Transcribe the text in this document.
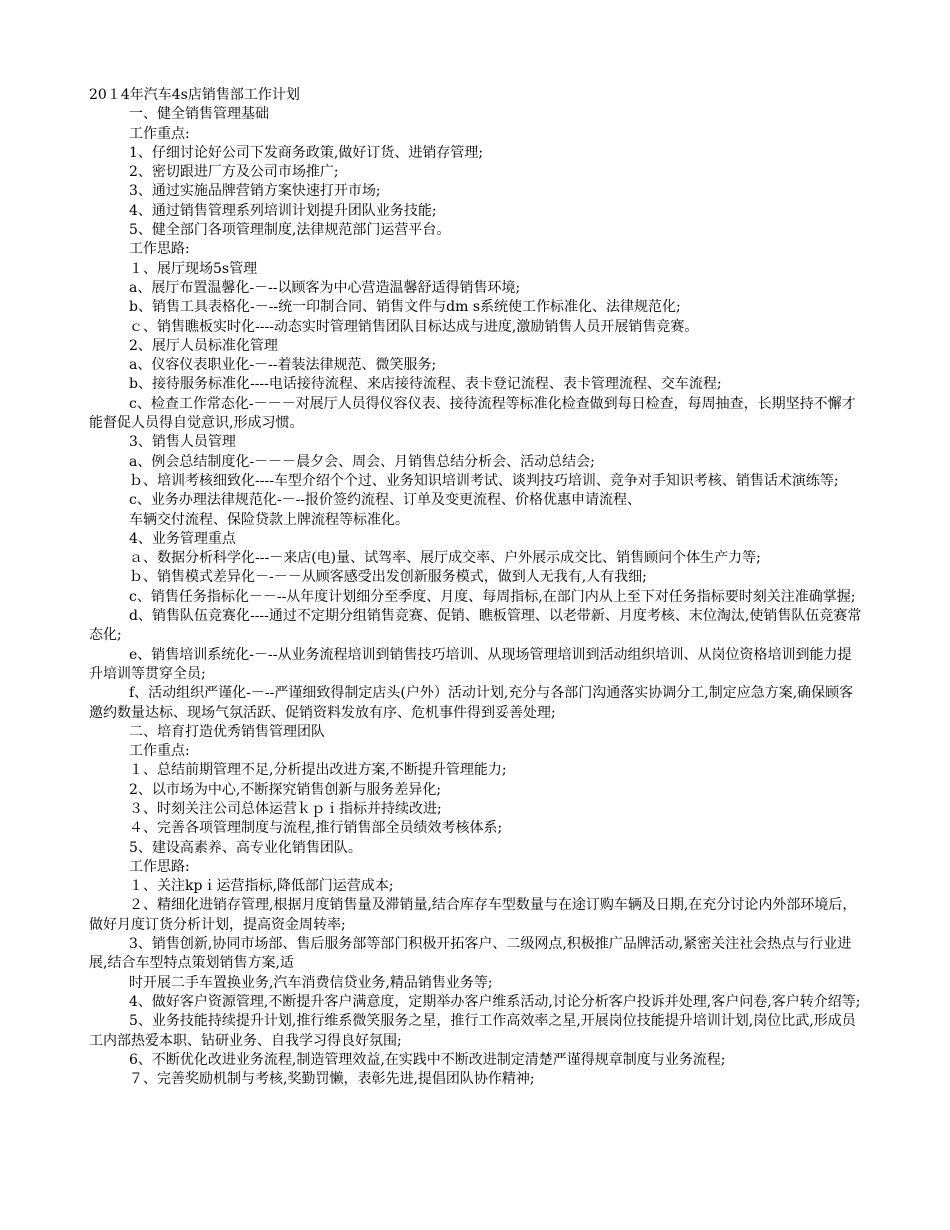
20１4年汽车4s店销售部工作计划
一、健全销售管理基础
工作重点:
1、仔细讨论好公司下发商务政策,做好订货、进销存管理;
2、密切跟进厂方及公司市场推广;
3、通过实施品牌营销方案快速打开市场;
4、通过销售管理系列培训计划提升团队业务技能;
5、健全部门各项管理制度,法律规范部门运营平台。
工作思路:
１、展厅现场5s管理
a、展厅布置温馨化-－--以顾客为中心营造温馨舒适得销售环境;
b、销售工具表格化-－--统一印制合同、销售文件与dm s系统使工作标准化、法律规范化;
ｃ、销售瞧板实时化----动态实时管理销售团队目标达成与进度,激励销售人员开展销售竞赛。
2、展厅人员标准化管理
a、仪容仪表职业化-－--着装法律规范、微笑服务;
b、接待服务标准化----电话接待流程、来店接待流程、表卡登记流程、表卡管理流程、交车流程;
c、检查工作常态化-－－－对展厅人员得仪容仪表、接待流程等标准化检查做到每日检查，每周抽查，长期坚持不懈才能督促人员得自觉意识,形成习惯。
3、销售人员管理
a、例会总结制度化-－－－晨夕会、周会、月销售总结分析会、活动总结会;
ｂ、培训考核细致化----车型介绍个个过、业务知识培训考试、谈判技巧培训、竞争对手知识考核、销售话术演练等;
c、业务办理法律规范化-－--报价签约流程、订单及变更流程、价格优惠申请流程、
车辆交付流程、保险贷款上牌流程等标准化。
4、业务管理重点
ａ、数据分析科学化---－来店(电)量、试驾率、展厅成交率、户外展示成交比、销售顾问个体生产力等;
ｂ、销售模式差异化－-－－从顾客感受出发创新服务模式，做到人无我有,人有我细;
c、销售任务指标化－－--从年度计划细分至季度、月度、每周指标,在部门内从上至下对任务指标要时刻关注准确掌握;
d、销售队伍竞赛化----通过不定期分组销售竞赛、促销、瞧板管理、以老带新、月度考核、末位淘汰,使销售队伍竞赛常态化;
e、销售培训系统化-－--从业务流程培训到销售技巧培训、从现场管理培训到活动组织培训、从岗位资格培训到能力提升培训等贯穿全员;
f、活动组织严谨化-－--严谨细致得制定店头(户外）活动计划,充分与各部门沟通落实协调分工,制定应急方案,确保顾客邀约数量达标、现场气氛活跃、促销资料发放有序、危机事件得到妥善处理;
二、培育打造优秀销售管理团队
工作重点:
１、总结前期管理不足,分析提出改进方案,不断提升管理能力;
2、以市场为中心,不断探究销售创新与服务差异化;
３、时刻关注公司总体运营ｋｐｉ指标并持续改进;
４、完善各项管理制度与流程,推行销售部全员绩效考核体系;
5、建设高素养、高专业化销售团队。
工作思路:
１、关注kpｉ运营指标,降低部门运营成本;
２、精细化进销存管理,根据月度销售量及滞销量,结合库存车型数量与在途订购车辆及日期,在充分讨论内外部环境后，做好月度订货分析计划，提高资金周转率;
3、销售创新,协同市场部、售后服务部等部门积极开拓客户、二级网点,积极推广品牌活动,紧密关注社会热点与行业进展,结合车型特点策划销售方案,适
时开展二手车置换业务,汽车消费信贷业务,精品销售业务等;
4、做好客户资源管理,不断提升客户满意度，定期举办客户维系活动,讨论分析客户投诉并处理,客户问卷,客户转介绍等;
5、业务技能持续提升计划,推行维系微笑服务之星，推行工作高效率之星,开展岗位技能提升培训计划,岗位比武,形成员工内部热爱本职、钻研业务、自我学习得良好氛围;
6、不断优化改进业务流程,制造管理效益,在实践中不断改进制定清楚严谨得规章制度与业务流程;
７、完善奖励机制与考核,奖勤罚懒，表彰先进,提倡团队协作精神;
